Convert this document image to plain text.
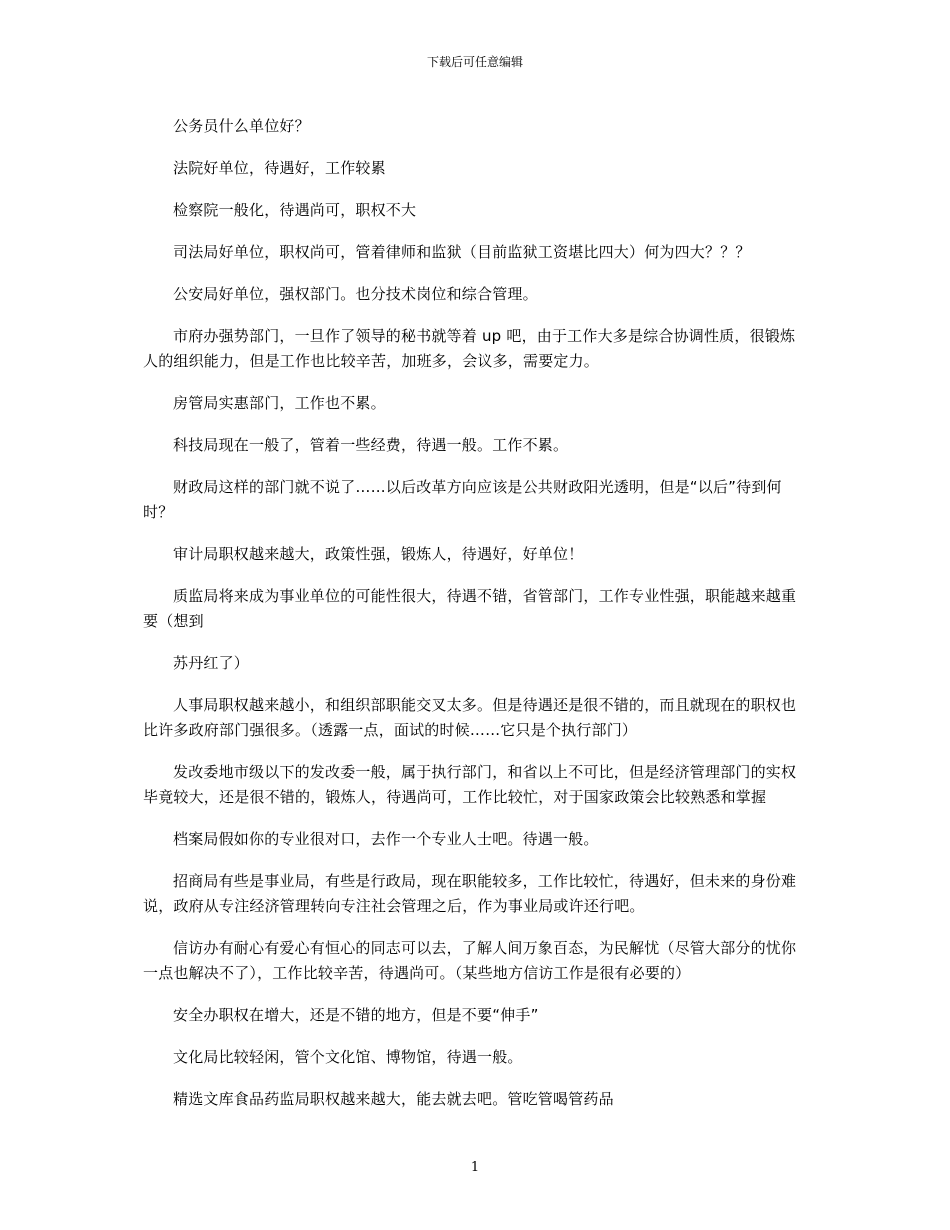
下载后可任意编辑

公务员什么单位好？

法院好单位，待遇好，工作较累

检察院一般化，待遇尚可，职权不大

司法局好单位，职权尚可，管着律师和监狱（目前监狱工资堪比四大）何为四大？？？

公安局好单位，强权部门。也分技术岗位和综合管理。

市府办强势部门，一旦作了领导的秘书就等着 up 吧，由于工作大多是综合协调性质，很锻炼人的组织能力，但是工作也比较辛苦，加班多，会议多，需要定力。

房管局实惠部门，工作也不累。

科技局现在一般了，管着一些经费，待遇一般。工作不累。

财政局这样的部门就不说了……以后改革方向应该是公共财政阳光透明，但是“以后”待到何时？

审计局职权越来越大，政策性强，锻炼人，待遇好，好单位！

质监局将来成为事业单位的可能性很大，待遇不错，省管部门，工作专业性强，职能越来越重要（想到

苏丹红了）

人事局职权越来越小，和组织部职能交叉太多。但是待遇还是很不错的，而且就现在的职权也比许多政府部门强很多。（透露一点，面试的时候……它只是个执行部门）

发改委地市级以下的发改委一般，属于执行部门，和省以上不可比，但是经济管理部门的实权毕竟较大，还是很不错的，锻炼人，待遇尚可，工作比较忙，对于国家政策会比较熟悉和掌握

档案局假如你的专业很对口，去作一个专业人士吧。待遇一般。

招商局有些是事业局，有些是行政局，现在职能较多，工作比较忙，待遇好，但未来的身份难说，政府从专注经济管理转向专注社会管理之后，作为事业局或许还行吧。

信访办有耐心有爱心有恒心的同志可以去，了解人间万象百态，为民解忧（尽管大部分的忧你一点也解决不了），工作比较辛苦，待遇尚可。（某些地方信访工作是很有必要的）

安全办职权在增大，还是不错的地方，但是不要“伸手”

文化局比较轻闲，管个文化馆、博物馆，待遇一般。

精选文库食品药监局职权越来越大，能去就去吧。管吃管喝管药品

1
